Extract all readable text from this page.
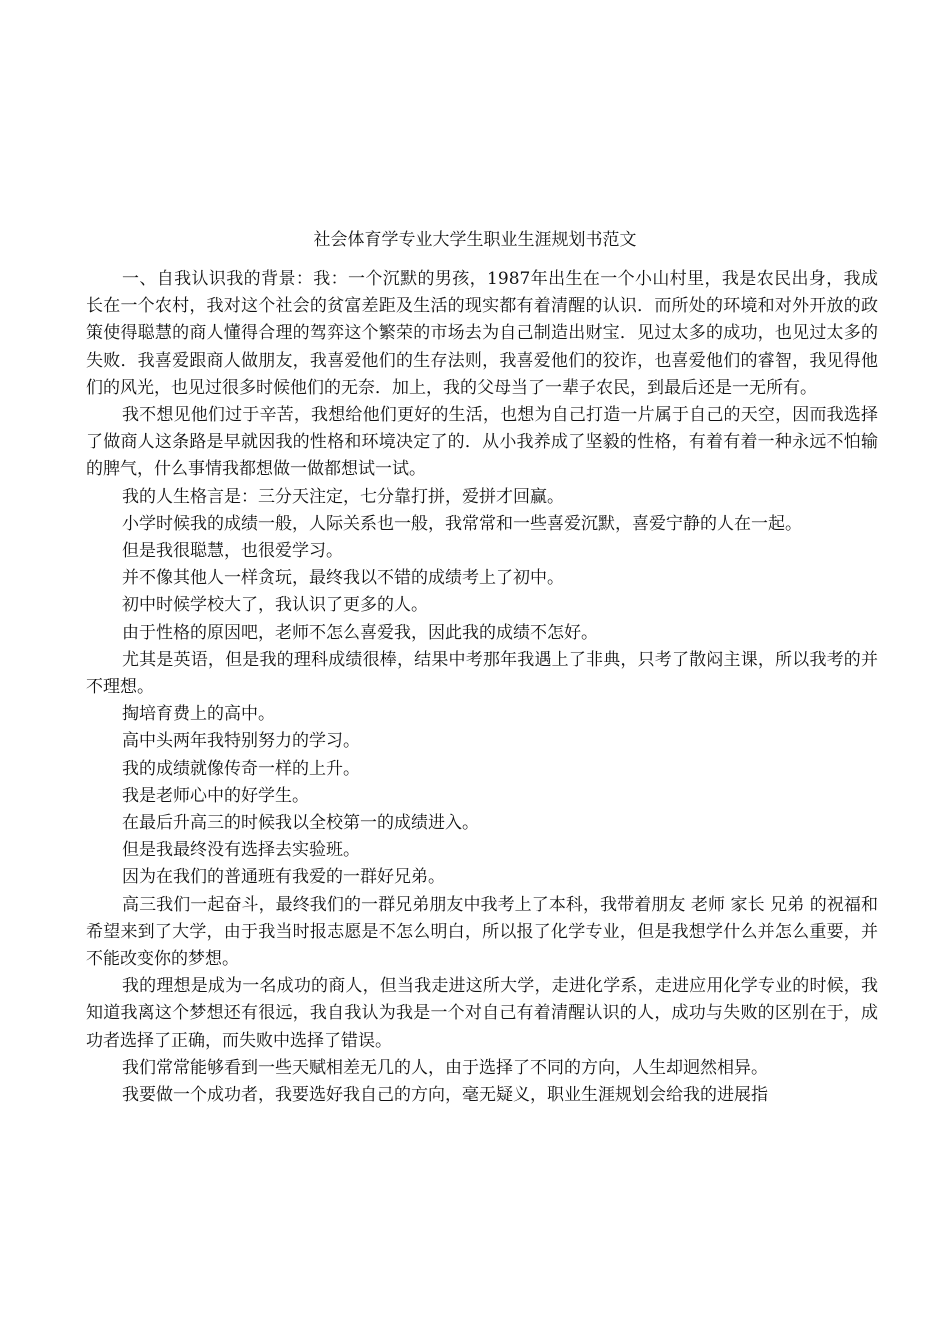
社会体育学专业大学生职业生涯规划书范文

一、自我认识我的背景：我：一个沉默的男孩，1987年出生在一个小山村里，我是农民出身，我成长在一个农村，我对这个社会的贫富差距及生活的现实都有着清醒的认识．而所处的环境和对外开放的政策使得聪慧的商人懂得合理的驾弈这个繁荣的市场去为自己制造出财宝．见过太多的成功，也见过太多的失败．我喜爱跟商人做朋友，我喜爱他们的生存法则，我喜爱他们的狡诈，也喜爱他们的睿智，我见得他们的风光，也见过很多时候他们的无奈．加上，我的父母当了一辈子农民，到最后还是一无所有。

我不想见他们过于辛苦，我想给他们更好的生活，也想为自己打造一片属于自己的天空，因而我选择了做商人这条路是早就因我的性格和环境决定了的．从小我养成了坚毅的性格，有着有着一种永远不怕输的脾气，什么事情我都想做一做都想试一试。

我的人生格言是：三分天注定，七分靠打拼，爱拼才回赢。

小学时候我的成绩一般，人际关系也一般，我常常和一些喜爱沉默，喜爱宁静的人在一起。

但是我很聪慧，也很爱学习。

并不像其他人一样贪玩，最终我以不错的成绩考上了初中。

初中时候学校大了，我认识了更多的人。

由于性格的原因吧，老师不怎么喜爱我，因此我的成绩不怎好。

尤其是英语，但是我的理科成绩很棒，结果中考那年我遇上了非典，只考了散闷主课，所以我考的并不理想。

掏培育费上的高中。

高中头两年我特别努力的学习。

我的成绩就像传奇一样的上升。

我是老师心中的好学生。

在最后升高三的时候我以全校第一的成绩进入。

但是我最终没有选择去实验班。

因为在我们的普通班有我爱的一群好兄弟。

高三我们一起奋斗，最终我们的一群兄弟朋友中我考上了本科，我带着朋友 老师 家长 兄弟 的祝福和希望来到了大学，由于我当时报志愿是不怎么明白，所以报了化学专业，但是我想学什么并怎么重要，并不能改变你的梦想。

我的理想是成为一名成功的商人，但当我走进这所大学，走进化学系，走进应用化学专业的时候，我知道我离这个梦想还有很远，我自我认为我是一个对自己有着清醒认识的人，成功与失败的区别在于，成功者选择了正确，而失败中选择了错误。

我们常常能够看到一些天赋相差无几的人，由于选择了不同的方向，人生却迥然相异。

我要做一个成功者，我要选好我自己的方向，毫无疑义，职业生涯规划会给我的进展指
